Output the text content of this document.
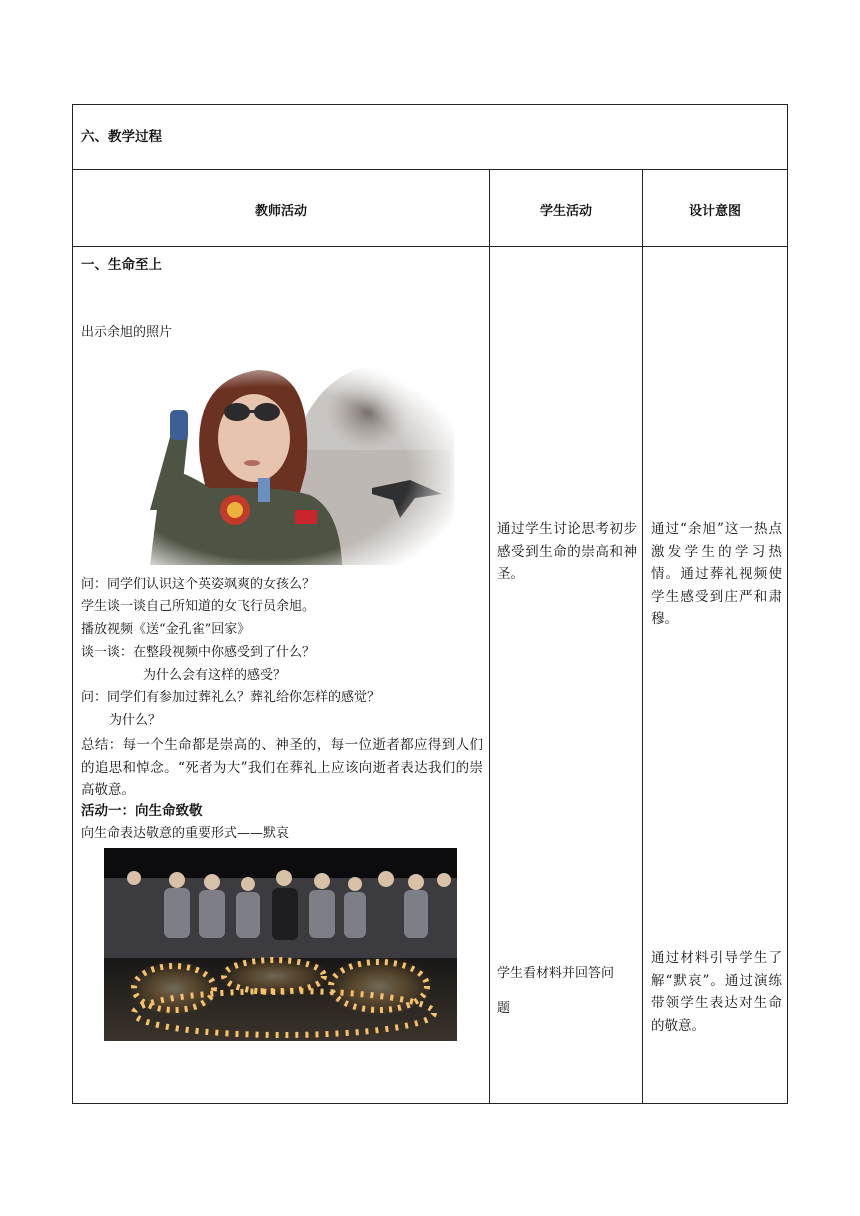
六、教学过程
教师活动	学生活动	设计意图
一、生命至上
出示余旭的照片
问：同学们认识这个英姿飒爽的女孩么？
学生谈一谈自己所知道的女飞行员余旭。
播放视频《送“金孔雀”回家》
谈一谈：在整段视频中你感受到了什么？
为什么会有这样的感受？
问：同学们有参加过葬礼么？葬礼给你怎样的感觉？
为什么？
总结：每一个生命都是崇高的、神圣的，每一位逝者都应得到人们的追思和悼念。“死者为大”我们在葬礼上应该向逝者表达我们的崇高敬意。
活动一：向生命致敬
向生命表达敬意的重要形式——默哀
通过学生讨论思考初步感受到生命的崇高和神圣。
学生看材料并回答问
题
通过“余旭”这一热点激发学生的学习热情。通过葬礼视频使学生感受到庄严和肃穆。
通过材料引导学生了解“默哀”。通过演练带领学生表达对生命的敬意。
